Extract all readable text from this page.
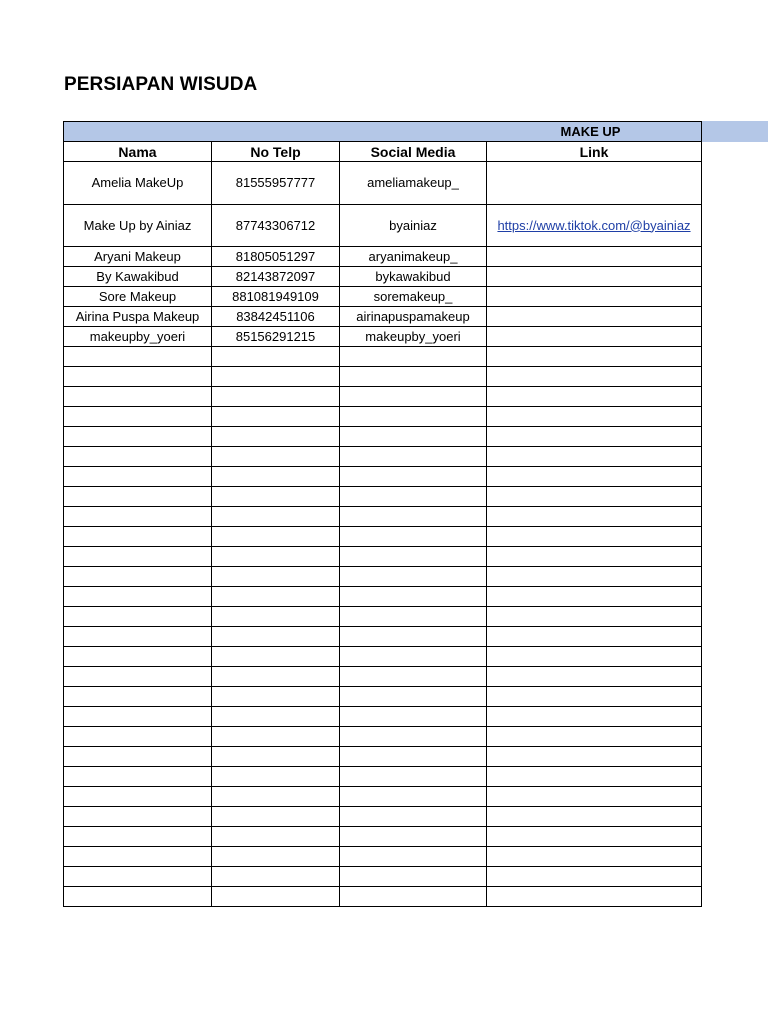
PERSIAPAN WISUDA
MAKE UP			
Nama	No Telp	Social Media	Link
Amelia MakeUp	81555957777	ameliamakeup_	
Make Up by Ainiaz	87743306712	byainiaz	https://www.tiktok.com/@byainiaz
Aryani Makeup	81805051297	aryanimakeup_	
By Kawakibud	82143872097	bykawakibud	
Sore Makeup	881081949109	soremakeup_	
Airina Puspa Makeup	83842451106	airinapuspamakeup	
makeupby_yoeri	85156291215	makeupby_yoeri	
